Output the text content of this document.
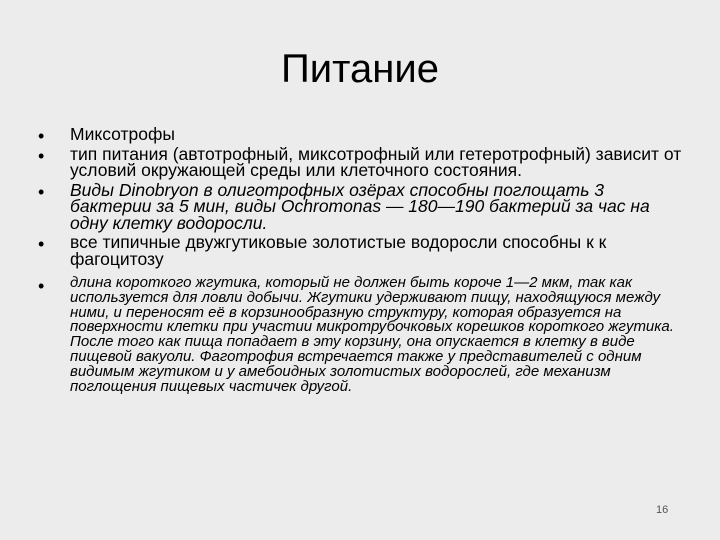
Питание
• Миксотрофы
• тип питания (автотрофный, миксотрофный или гетеротрофный) зависит от условий окружающей среды или клеточного состояния.
• Виды Dinobryon в олиготрофных озёрах способны поглощать 3 бактерии за 5 мин, виды Ochromonas — 180—190 бактерий за час на одну клетку водоросли.
• все типичные двужгутиковые золотистые водоросли способны к к фагоцитозу
• длина короткого жгутика, который не должен быть короче 1—2 мкм, так как используется для ловли добычи. Жгутики удерживают пищу, находящуюся между ними, и переносят её в корзинообразную структуру, которая образуется на поверхности клетки при участии микротрубочковых корешков короткого жгутика. После того как пища попадает в эту корзину, она опускается в клетку в виде пищевой вакуоли. Фаготрофия встречается также у представителей с одним видимым жгутиком и у амебоидных золотистых водорослей, где механизм поглощения пищевых частичек другой.
16
